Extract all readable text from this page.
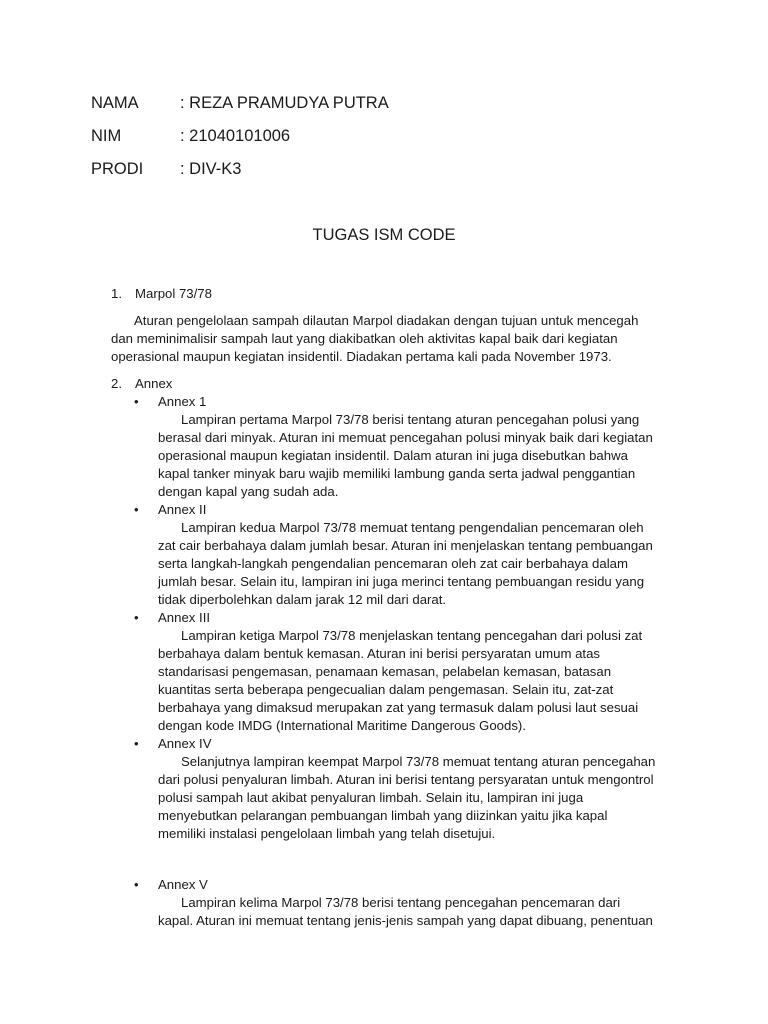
NAMA	: REZA PRAMUDYA PUTRA
NIM	: 21040101006
PRODI : DIV-K3
TUGAS ISM CODE
1. Marpol 73/78
Aturan pengelolaan sampah dilautan Marpol diadakan dengan tujuan untuk mencegah
dan meminimalisir sampah laut yang diakibatkan oleh aktivitas kapal baik dari kegiatan
operasional maupun kegiatan insidentil. Diadakan pertama kali pada November 1973.
2. Annex
• Annex 1
Lampiran pertama Marpol 73/78 berisi tentang aturan pencegahan polusi yang
berasal dari minyak. Aturan ini memuat pencegahan polusi minyak baik dari kegiatan
operasional maupun kegiatan insidentil. Dalam aturan ini juga disebutkan bahwa
kapal tanker minyak baru wajib memiliki lambung ganda serta jadwal penggantian
dengan kapal yang sudah ada.
• Annex II
Lampiran kedua Marpol 73/78 memuat tentang pengendalian pencemaran oleh
zat cair berbahaya dalam jumlah besar. Aturan ini menjelaskan tentang pembuangan
serta langkah-langkah pengendalian pencemaran oleh zat cair berbahaya dalam
jumlah besar. Selain itu, lampiran ini juga merinci tentang pembuangan residu yang
tidak diperbolehkan dalam jarak 12 mil dari darat.
• Annex III
Lampiran ketiga Marpol 73/78 menjelaskan tentang pencegahan dari polusi zat
berbahaya dalam bentuk kemasan. Aturan ini berisi persyaratan umum atas
standarisasi pengemasan, penamaan kemasan, pelabelan kemasan, batasan
kuantitas serta beberapa pengecualian dalam pengemasan. Selain itu, zat-zat
berbahaya yang dimaksud merupakan zat yang termasuk dalam polusi laut sesuai
dengan kode IMDG (International Maritime Dangerous Goods).
• Annex IV
Selanjutnya lampiran keempat Marpol 73/78 memuat tentang aturan pencegahan
dari polusi penyaluran limbah. Aturan ini berisi tentang persyaratan untuk mengontrol
polusi sampah laut akibat penyaluran limbah. Selain itu, lampiran ini juga
menyebutkan pelarangan pembuangan limbah yang diizinkan yaitu jika kapal
memiliki instalasi pengelolaan limbah yang telah disetujui.
• Annex V
Lampiran kelima Marpol 73/78 berisi tentang pencegahan pencemaran dari
kapal. Aturan ini memuat tentang jenis-jenis sampah yang dapat dibuang, penentuan
